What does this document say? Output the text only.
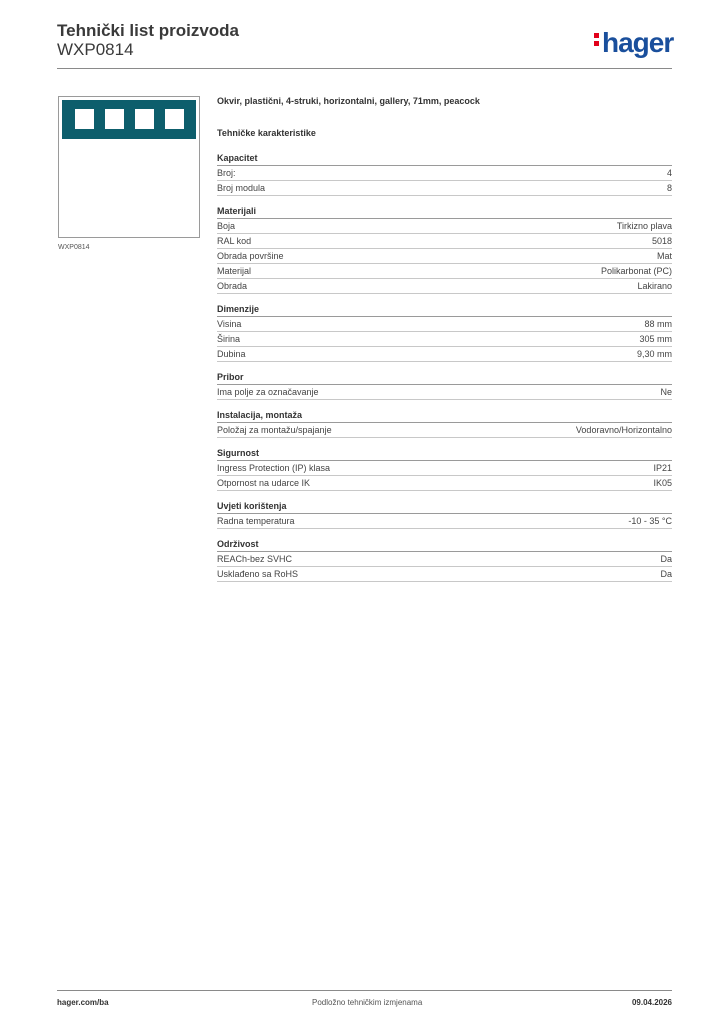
Tehnički list proizvoda
WXP0814	hager
WXP0814
Okvir, plastični, 4-struki, horizontalni, gallery, 71mm, peacock
Tehničke karakteristike
Kapacitet
Broj:	4
Broj modula	8
Materijali
Boja	Tirkizno plava
RAL kod	5018
Obrada površine	Mat
Materijal	Polikarbonat (PC)
Obrada	Lakirano
Dimenzije
Visina	88 mm
Širina	305 mm
Dubina	9,30 mm
Pribor
Ima polje za označavanje	Ne
Instalacija, montaža
Položaj za montažu/spajanje	Vodoravno/Horizontalno
Sigurnost
Ingress Protection (IP) klasa	IP21
Otpornost na udarce IK	IK05
Uvjeti korištenja
Radna temperatura	-10 - 35 °C
Održivost
REACh-bez SVHC	Da
Usklađeno sa RoHS	Da
hager.com/ba	Podložno tehničkim izmjenama	09.04.2026
